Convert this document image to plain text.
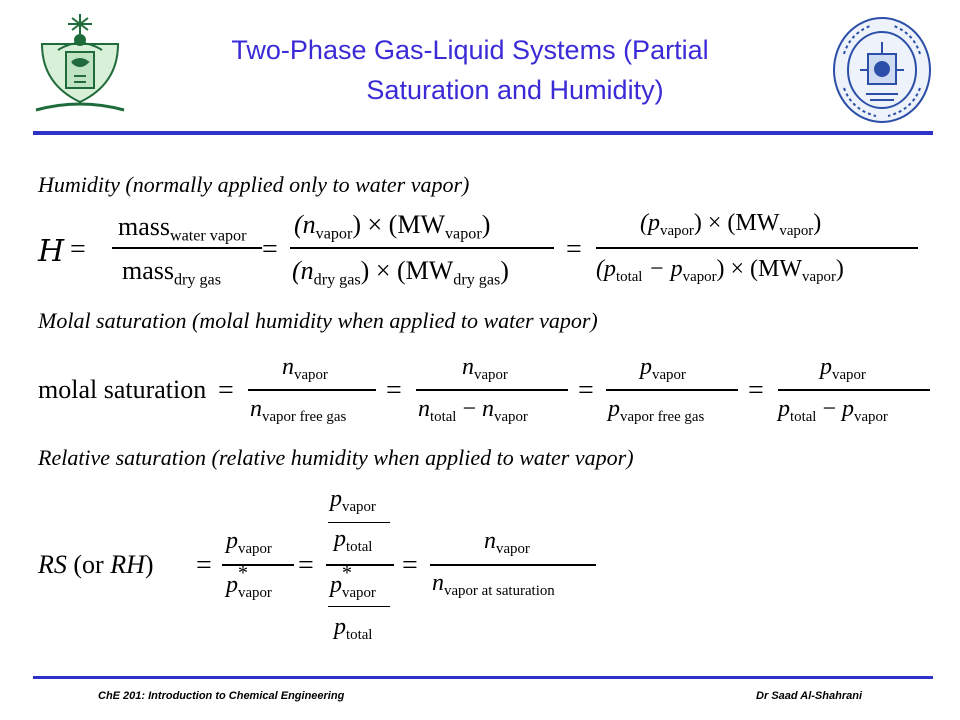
Two-Phase Gas-Liquid Systems (Partial
Saturation and Humidity)
Humidity (normally applied only to water vapor)
Molal saturation (molal humidity when applied to water vapor)
Relative saturation (relative humidity when applied to water vapor)
H =
mass$_{water vapor}$
mass$_{dry gas}$
=
$(n_{vapor}) \times (MW_{vapor})$
$(n_{dry gas}) \times (MW_{dry gas})$
=
$(p_{vapor}) \times (MW_{vapor})$
$(p_{total} - p_{vapor}) \times (MW_{vapor})$
molal saturation =
$n_{vapor}$
$n_{vapor free gas}$
=
$n_{vapor}$
$n_{total} - n_{vapor}$
=
$p_{vapor}$
$p_{vapor free gas}$
=
$p_{vapor}$
$p_{total} - p_{vapor}$
RS (or RH) =
$p_{vapor}$
*
$p_{vapor}$
=
$p_{vapor}$
$p_{total}$
*
$p_{vapor}$
$p_{total}$
=
$n_{vapor}$
$n_{vapor at saturation}$
ChE 201: Introduction to Chemical Engineering	Dr Saad Al-Shahrani
